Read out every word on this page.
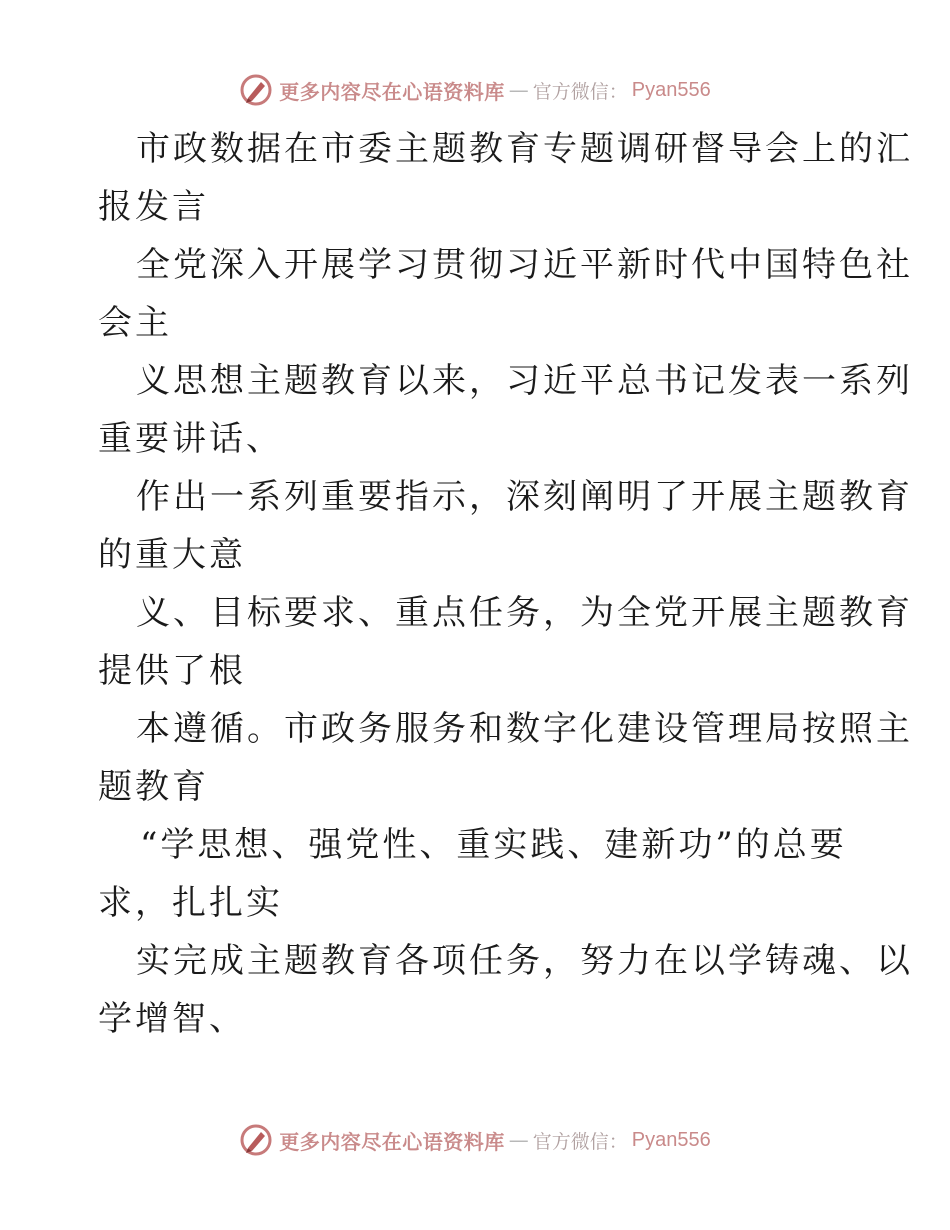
更多内容尽在心语资料库 — 官方微信： Pyan556
市政数据在市委主题教育专题调研督导会上的汇
报发言
全党深入开展学习贯彻习近平新时代中国特色社
会主
义思想主题教育以来，习近平总书记发表一系列
重要讲话、
作出一系列重要指示，深刻阐明了开展主题教育
的重大意
义、目标要求、重点任务，为全党开展主题教育
提供了根
本遵循。市政务服务和数字化建设管理局按照主
题教育
“学思想、强党性、重实践、建新功”的总要
求，扎扎实
实完成主题教育各项任务，努力在以学铸魂、以
学增智、
更多内容尽在心语资料库 — 官方微信： Pyan556
